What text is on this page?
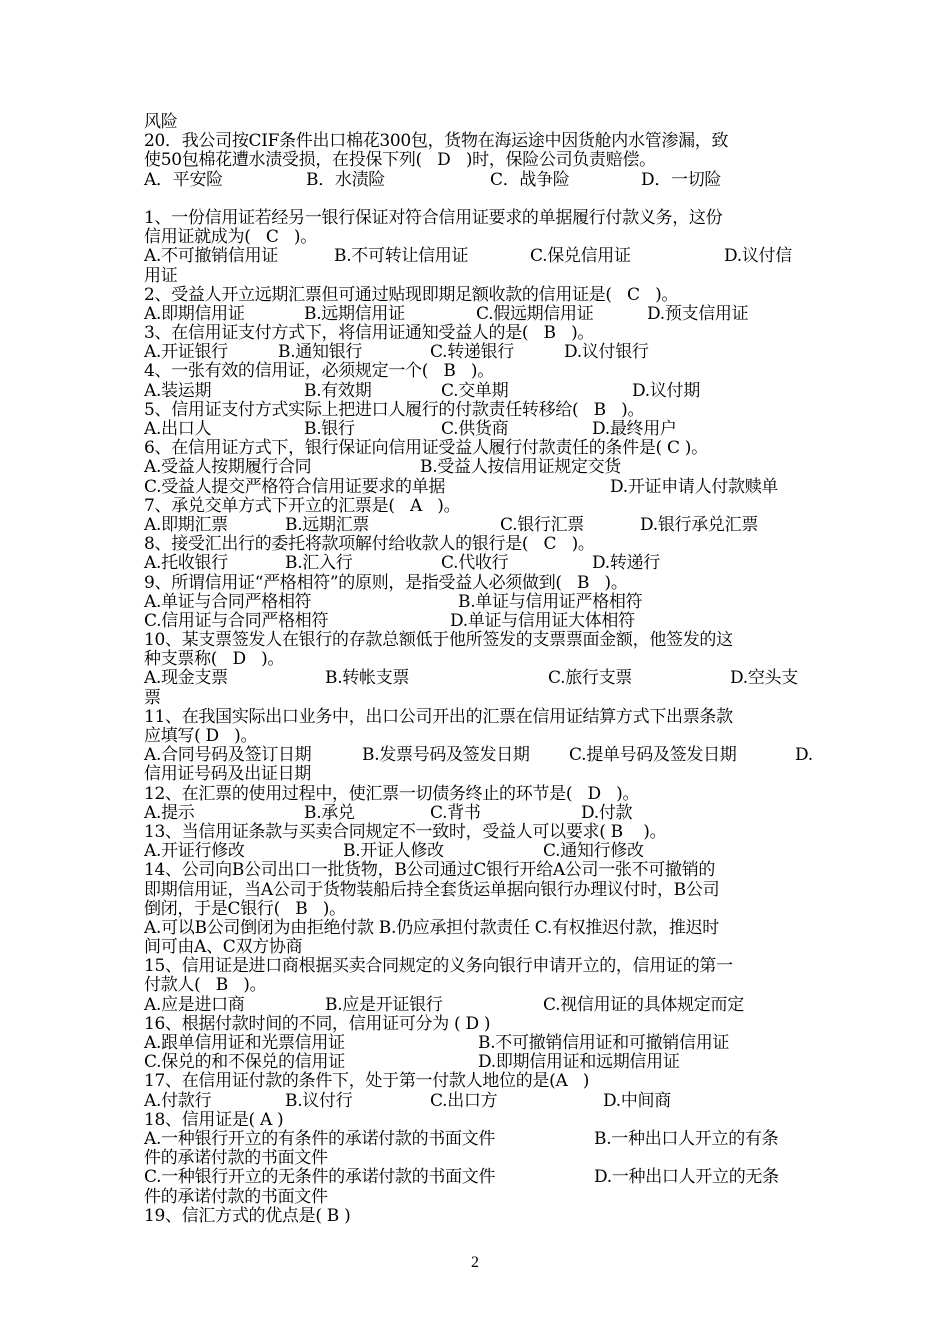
风险
20．我公司按CIF条件出口棉花300包，货物在海运途中因货舱内水管渗漏，致
使50包棉花遭水渍受损，在投保下列(   D   )时，保险公司负责赔偿。
A．平安险	B．水渍险	C．战争险	D．一切险
1、一份信用证若经另一银行保证对符合信用证要求的单据履行付款义务，这份
信用证就成为(   C   )。
A.不可撤销信用证	B.不可转让信用证	C.保兑信用证	D.议付信
用证
2、受益人开立远期汇票但可通过贴现即期足额收款的信用证是(   C   )。
A.即期信用证	B.远期信用证	C.假远期信用证	D.预支信用证
3、在信用证支付方式下，将信用证通知受益人的是(   B   )。
A.开证银行	B.通知银行	C.转递银行	D.议付银行
4、一张有效的信用证，必须规定一个(   B   )。
A.装运期	B.有效期	C.交单期	D.议付期
5、信用证支付方式实际上把进口人履行的付款责任转移给(   B   )。
A.出口人	B.银行	C.供货商	D.最终用户
6、在信用证方式下，银行保证向信用证受益人履行付款责任的条件是( C )。
A.受益人按期履行合同	B.受益人按信用证规定交货
C.受益人提交严格符合信用证要求的单据	D.开证申请人付款赎单
7、承兑交单方式下开立的汇票是(   A   )。
A.即期汇票	B.远期汇票	C.银行汇票	D.银行承兑汇票
8、接受汇出行的委托将款项解付给收款人的银行是(   C   )。
A.托收银行	B.汇入行	C.代收行	D.转递行
9、所谓信用证“严格相符”的原则，是指受益人必须做到(   B   )。
A.单证与合同严格相符	B.单证与信用证严格相符
C.信用证与合同严格相符	D.单证与信用证大体相符
10、某支票签发人在银行的存款总额低于他所签发的支票票面金额，他签发的这
种支票称(   D   )。
A.现金支票	B.转帐支票	C.旅行支票	D.空头支
票
11、在我国实际出口业务中，出口公司开出的汇票在信用证结算方式下出票条款
应填写( D   )。
A.合同号码及签订日期	B.发票号码及签发日期 C.提单号码及签发日期	D.
信用证号码及出证日期
12、在汇票的使用过程中，使汇票一切债务终止的环节是(   D   )。
A.提示	B.承兑	C.背书	D.付款
13、当信用证条款与买卖合同规定不一致时，受益人可以要求( B    )。
A.开证行修改	B.开证人修改	C.通知行修改
14、公司向B公司出口一批货物，B公司通过C银行开给A公司一张不可撤销的
即期信用证，当A公司于货物装船后持全套货运单据向银行办理议付时，B公司
倒闭，于是C银行(   B   )。
A.可以B公司倒闭为由拒绝付款 B.仍应承担付款责任 C.有权推迟付款，推迟时
间可由A、C双方协商
15、信用证是进口商根据买卖合同规定的义务向银行申请开立的，信用证的第一
付款人(   B   )。
A.应是进口商	B.应是开证银行	C.视信用证的具体规定而定
16、根据付款时间的不同，信用证可分为 ( D )
A.跟单信用证和光票信用证	B.不可撤销信用证和可撤销信用证
C.保兑的和不保兑的信用证	D.即期信用证和远期信用证
17、在信用证付款的条件下，处于第一付款人地位的是(A   )
A.付款行	B.议付行	C.出口方	D.中间商
18、信用证是( A )
A.一种银行开立的有条件的承诺付款的书面文件	B.一种出口人开立的有条
件的承诺付款的书面文件
C.一种银行开立的无条件的承诺付款的书面文件	D.一种出口人开立的无条
件的承诺付款的书面文件
19、信汇方式的优点是( B )
2
